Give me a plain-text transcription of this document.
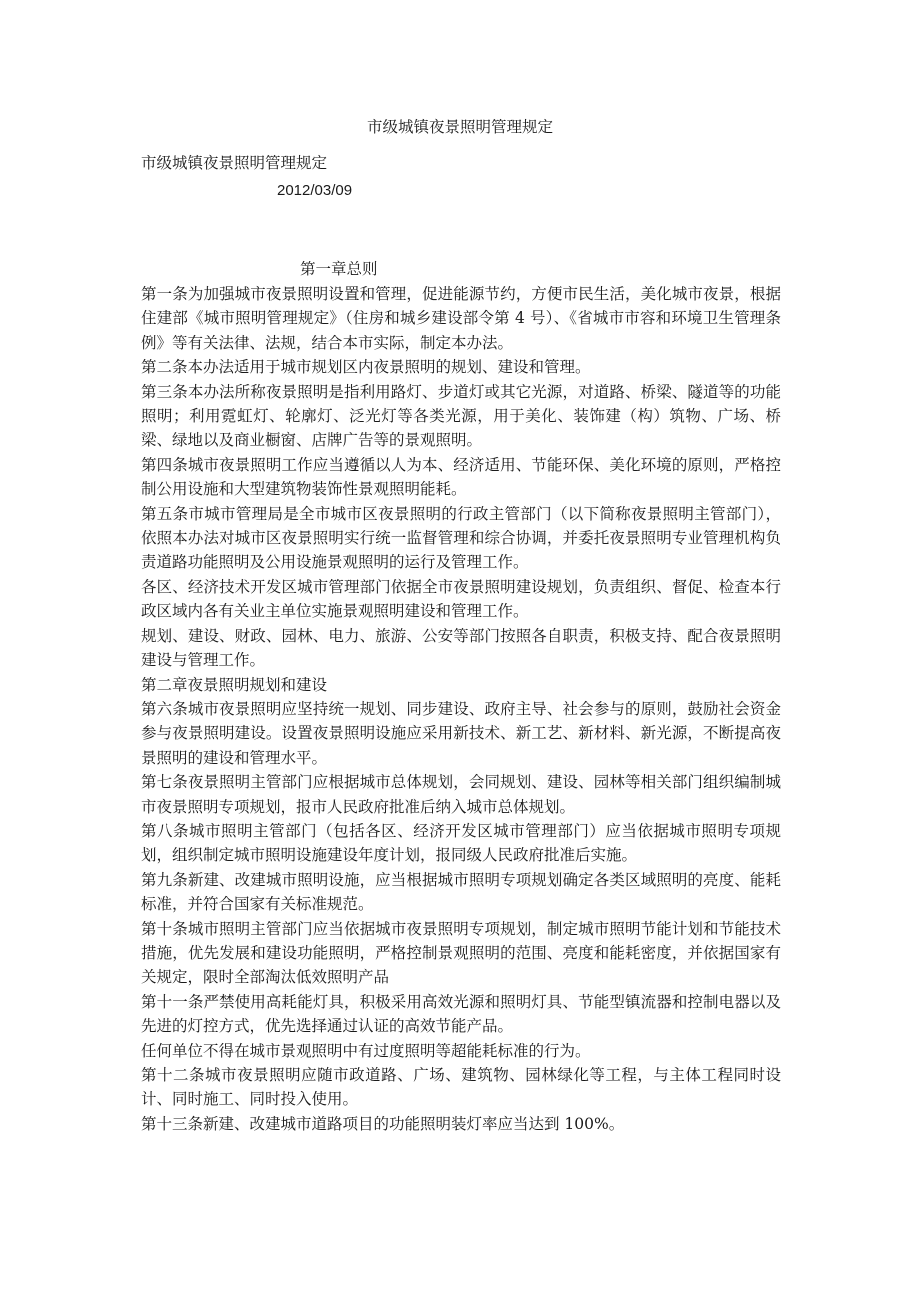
市级城镇夜景照明管理规定
市级城镇夜景照明管理规定
2012/03/09
第一章总则

第一条为加强城市夜景照明设置和管理，促进能源节约，方便市民生活，美化城市夜景，根据住建部《城市照明管理规定》（住房和城乡建设部令第 4 号）、《省城市市容和环境卫生管理条例》等有关法律、法规，结合本市实际，制定本办法。

第二条本办法适用于城市规划区内夜景照明的规划、建设和管理。

第三条本办法所称夜景照明是指利用路灯、步道灯或其它光源，对道路、桥梁、隧道等的功能照明；利用霓虹灯、轮廓灯、泛光灯等各类光源，用于美化、装饰建（构）筑物、广场、桥梁、绿地以及商业橱窗、店牌广告等的景观照明。

第四条城市夜景照明工作应当遵循以人为本、经济适用、节能环保、美化环境的原则，严格控制公用设施和大型建筑物装饰性景观照明能耗。

第五条市城市管理局是全市城市区夜景照明的行政主管部门（以下简称夜景照明主管部门），依照本办法对城市区夜景照明实行统一监督管理和综合协调，并委托夜景照明专业管理机构负责道路功能照明及公用设施景观照明的运行及管理工作。

各区、经济技术开发区城市管理部门依据全市夜景照明建设规划，负责组织、督促、检查本行政区域内各有关业主单位实施景观照明建设和管理工作。

规划、建设、财政、园林、电力、旅游、公安等部门按照各自职责，积极支持、配合夜景照明建设与管理工作。

第二章夜景照明规划和建设

第六条城市夜景照明应坚持统一规划、同步建设、政府主导、社会参与的原则，鼓励社会资金参与夜景照明建设。设置夜景照明设施应采用新技术、新工艺、新材料、新光源，不断提高夜景照明的建设和管理水平。

第七条夜景照明主管部门应根据城市总体规划，会同规划、建设、园林等相关部门组织编制城市夜景照明专项规划，报市人民政府批准后纳入城市总体规划。

第八条城市照明主管部门（包括各区、经济开发区城市管理部门）应当依据城市照明专项规划，组织制定城市照明设施建设年度计划，报同级人民政府批准后实施。

第九条新建、改建城市照明设施，应当根据城市照明专项规划确定各类区域照明的亮度、能耗标准，并符合国家有关标准规范。

第十条城市照明主管部门应当依据城市夜景照明专项规划，制定城市照明节能计划和节能技术措施，优先发展和建设功能照明，严格控制景观照明的范围、亮度和能耗密度，并依据国家有关规定，限时全部淘汰低效照明产品

第十一条严禁使用高耗能灯具，积极采用高效光源和照明灯具、节能型镇流器和控制电器以及先进的灯控方式，优先选择通过认证的高效节能产品。

任何单位不得在城市景观照明中有过度照明等超能耗标准的行为。

第十二条城市夜景照明应随市政道路、广场、建筑物、园林绿化等工程，与主体工程同时设计、同时施工、同时投入使用。

第十三条新建、改建城市道路项目的功能照明装灯率应当达到 100%。
